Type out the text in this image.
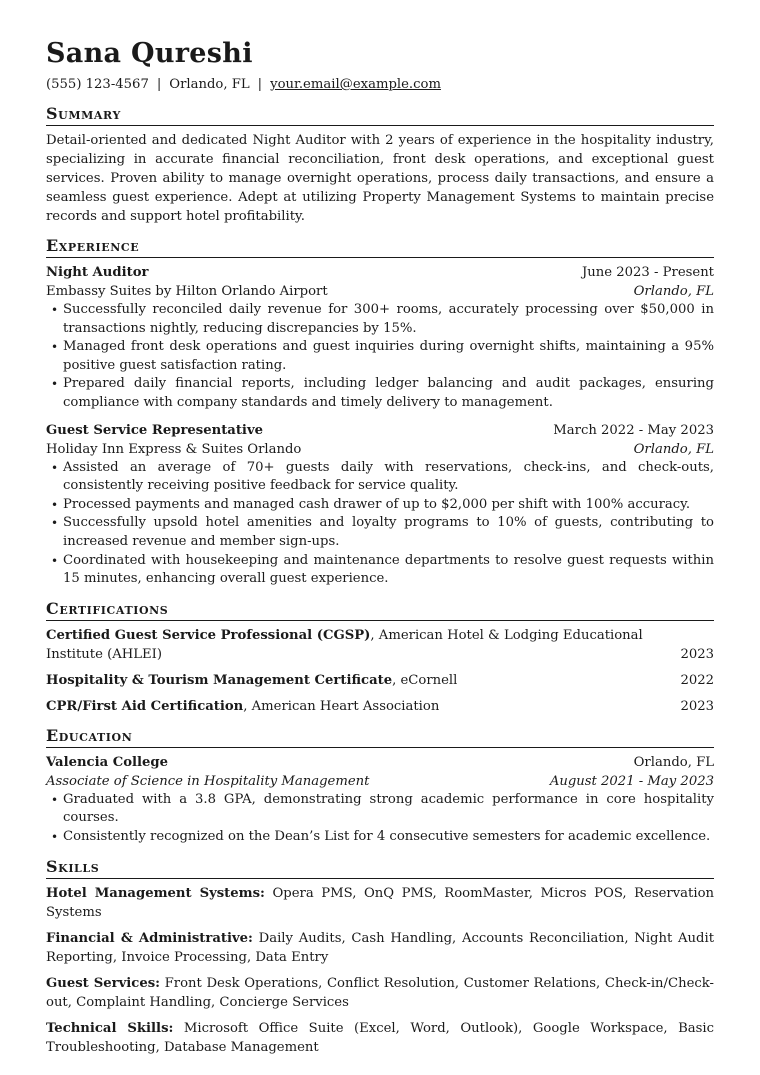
Sana Qureshi
(555) 123-4567 | Orlando, FL | your.email@example.com
Summary

Detail-oriented and dedicated Night Auditor with 2 years of experience in the hospitality industry, specializing in accurate financial reconciliation, front desk operations, and exceptional guest services. Proven ability to manage overnight operations, process daily transactions, and ensure a seamless guest experience. Adept at utilizing Property Management Systems to maintain precise records and support hotel profitability.

Experience
Night Auditor	June 2023 - Present
Embassy Suites by Hilton Orlando Airport	Orlando, FL
• Successfully reconciled daily revenue for 300+ rooms, accurately processing over $50,000 in transactions nightly, reducing discrepancies by 15%.
• Managed front desk operations and guest inquiries during overnight shifts, maintaining a 95% positive guest satisfaction rating.
• Prepared daily financial reports, including ledger balancing and audit packages, ensuring compliance with company standards and timely delivery to management.
Guest Service Representative	March 2022 - May 2023
Holiday Inn Express & Suites Orlando	Orlando, FL
• Assisted an average of 70+ guests daily with reservations, check-ins, and check-outs, consistently receiving positive feedback for service quality.
• Processed payments and managed cash drawer of up to $2,000 per shift with 100% accuracy.
• Successfully upsold hotel amenities and loyalty programs to 10% of guests, contributing to increased revenue and member sign-ups.
• Coordinated with housekeeping and maintenance departments to resolve guest requests within 15 minutes, enhancing overall guest experience.
Certifications
Certified Guest Service Professional (CGSP), American Hotel & Lodging Educational Institute (AHLEI)	2023
Hospitality & Tourism Management Certificate, eCornell	2022
CPR/First Aid Certification, American Heart Association	2023
Education
Valencia College	Orlando, FL
Associate of Science in Hospitality Management	August 2021 - May 2023
• Graduated with a 3.8 GPA, demonstrating strong academic performance in core hospitality courses.
• Consistently recognized on the Dean’s List for 4 consecutive semesters for academic excellence.
Skills
Hotel Management Systems: Opera PMS, OnQ PMS, RoomMaster, Micros POS, Reservation Systems
Financial & Administrative: Daily Audits, Cash Handling, Accounts Reconciliation, Night Audit Reporting, Invoice Processing, Data Entry
Guest Services: Front Desk Operations, Conflict Resolution, Customer Relations, Check-in/Check-out, Complaint Handling, Concierge Services
Technical Skills: Microsoft Office Suite (Excel, Word, Outlook), Google Workspace, Basic Troubleshooting, Database Management
